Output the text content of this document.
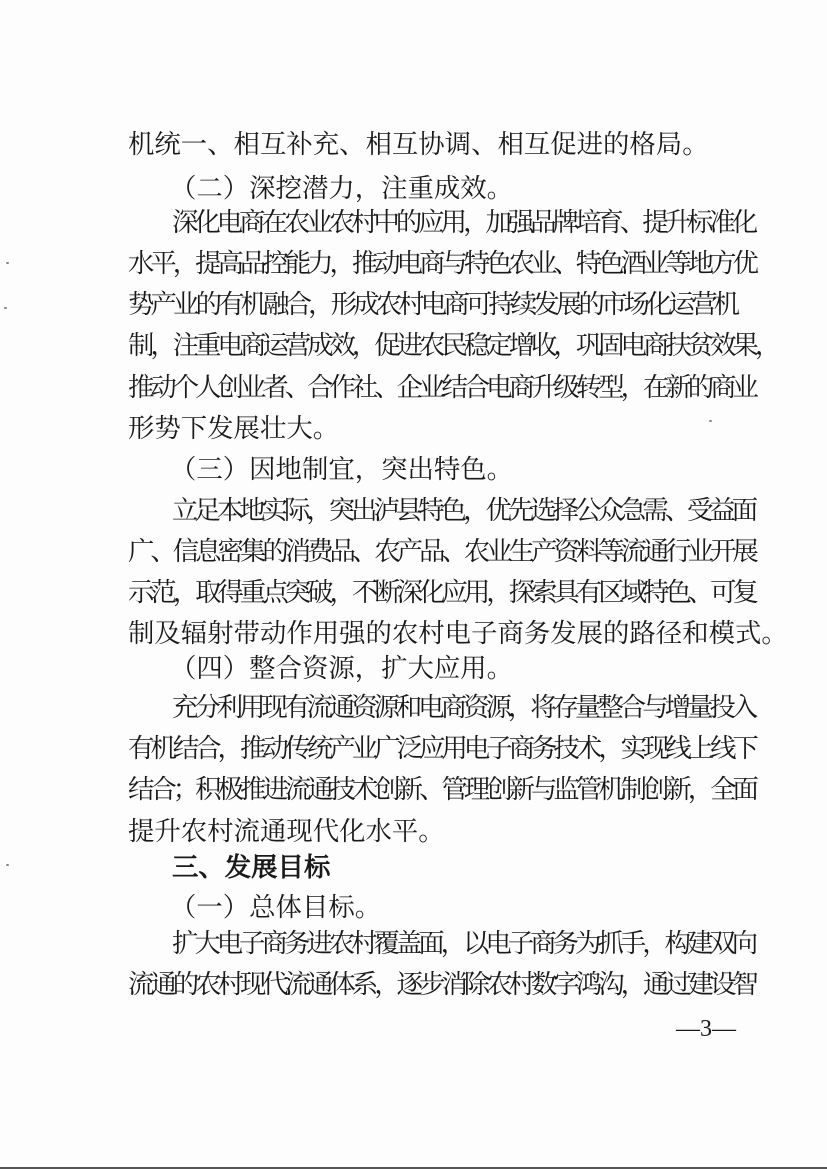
机统一、相互补充、相互协调、相互促进的格局。
（二）深挖潜力，注重成效。
深化电商在农业农村中的应用，加强品牌培育、提升标准化
水平，提高品控能力，推动电商与特色农业、特色酒业等地方优
势产业的有机融合，形成农村电商可持续发展的市场化运营机
制，注重电商运营成效，促进农民稳定增收，巩固电商扶贫效果，
推动个人创业者、合作社、企业结合电商升级转型，在新的商业
形势下发展壮大。
（三）因地制宜，突出特色。
立足本地实际，突出泸县特色，优先选择公众急需、受益面
广、信息密集的消费品、农产品、农业生产资料等流通行业开展
示范，取得重点突破，不断深化应用，探索具有区域特色、可复
制及辐射带动作用强的农村电子商务发展的路径和模式。
（四）整合资源，扩大应用。
充分利用现有流通资源和电商资源，将存量整合与增量投入
有机结合，推动传统产业广泛应用电子商务技术，实现线上线下
结合；积极推进流通技术创新、管理创新与监管机制创新，全面
提升农村流通现代化水平。
三、发展目标
（一）总体目标。
扩大电子商务进农村覆盖面，以电子商务为抓手，构建双向
流通的农村现代流通体系，逐步消除农村数字鸿沟，通过建设智
—3—
